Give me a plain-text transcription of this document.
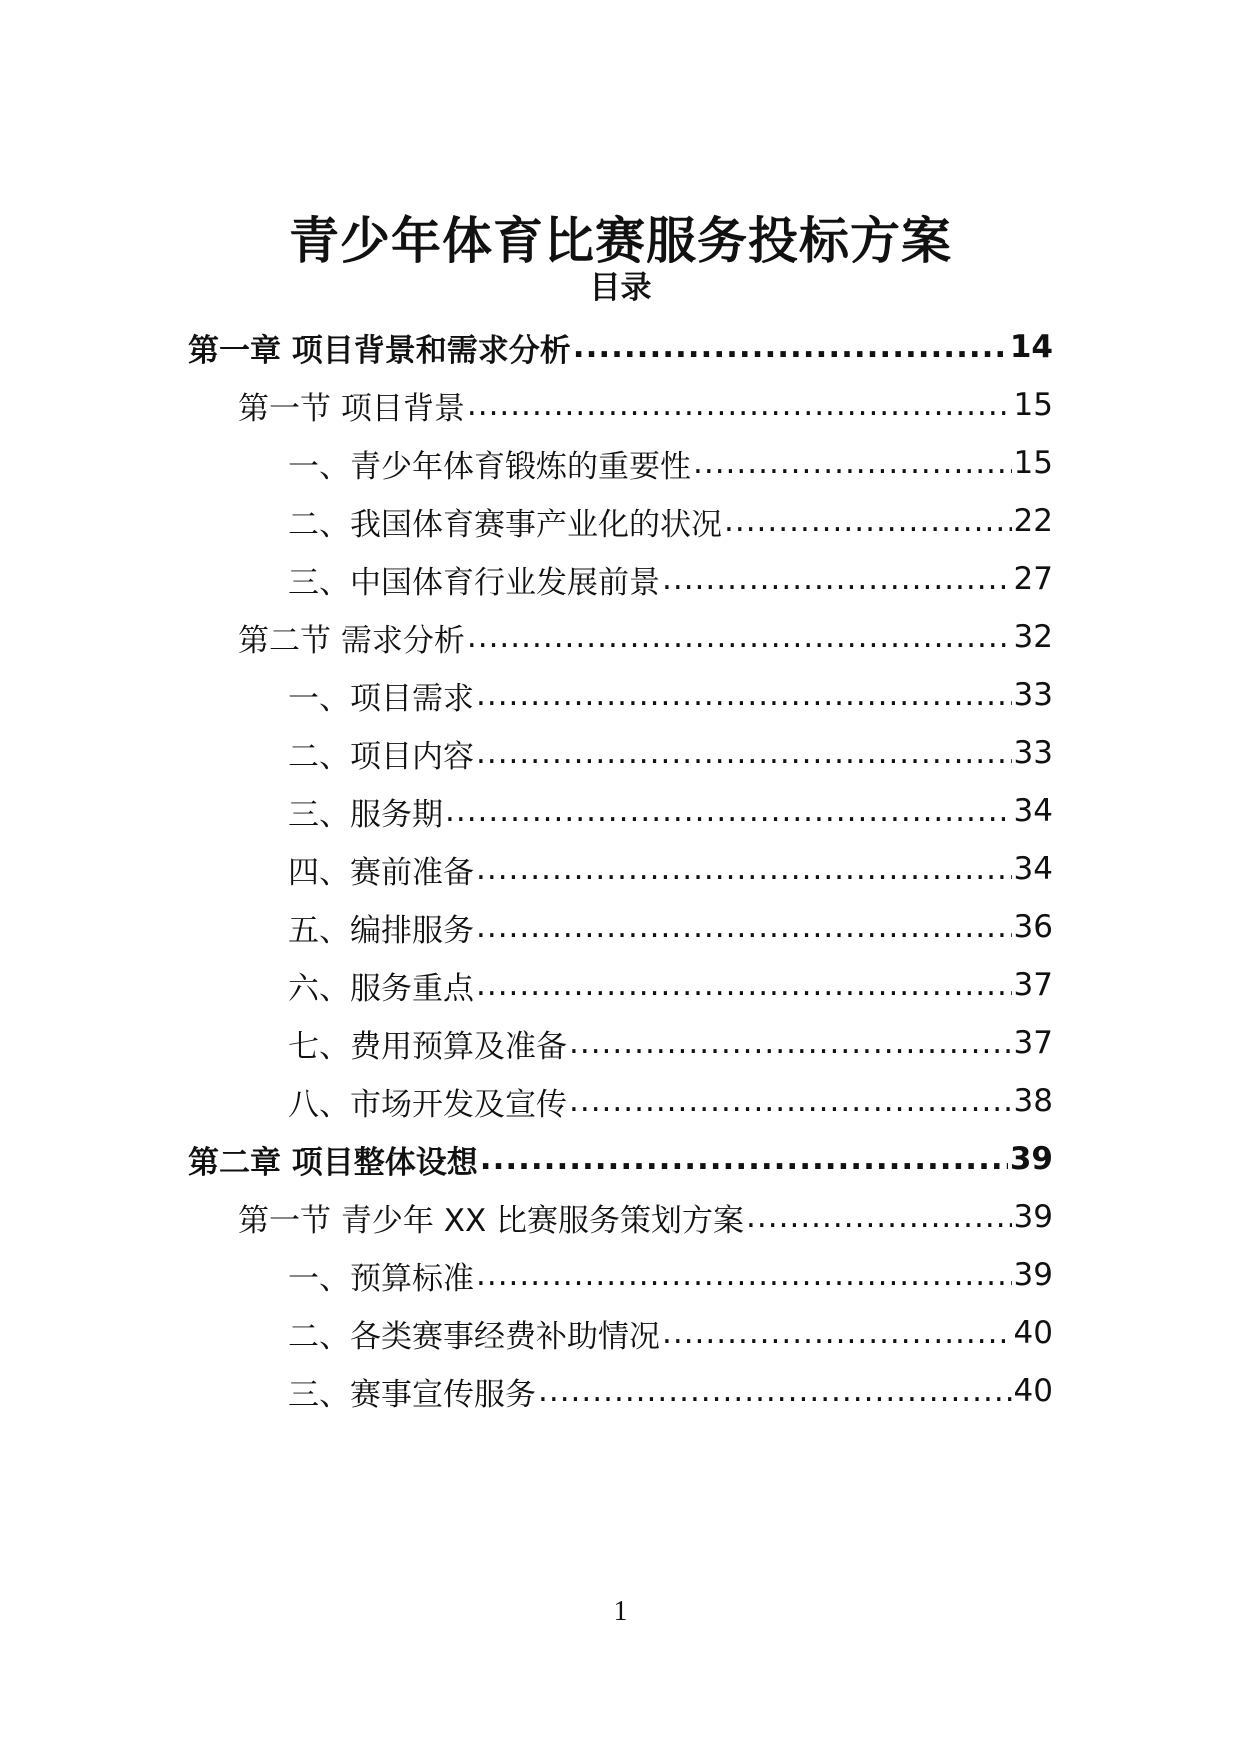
青少年体育比赛服务投标方案
目录
第一章 项目背景和需求分析 .....	14
第一节 项目背景 .....	15
一、青少年体育锻炼的重要性 .....	15
二、我国体育赛事产业化的状况 .....	22
三、中国体育行业发展前景 .....	27
第二节 需求分析 .....	32
一、项目需求 .....	33
二、项目内容 .....	33
三、服务期 .....	34
四、赛前准备 .....	34
五、编排服务 .....	36
六、服务重点 .....	37
七、费用预算及准备 .....	37
八、市场开发及宣传 .....	38
第二章 项目整体设想 .....	39
第一节 青少年 XX 比赛服务策划方案 .....	39
一、预算标准 .....	39
二、各类赛事经费补助情况 .....	40
三、赛事宣传服务 .....	40
1
